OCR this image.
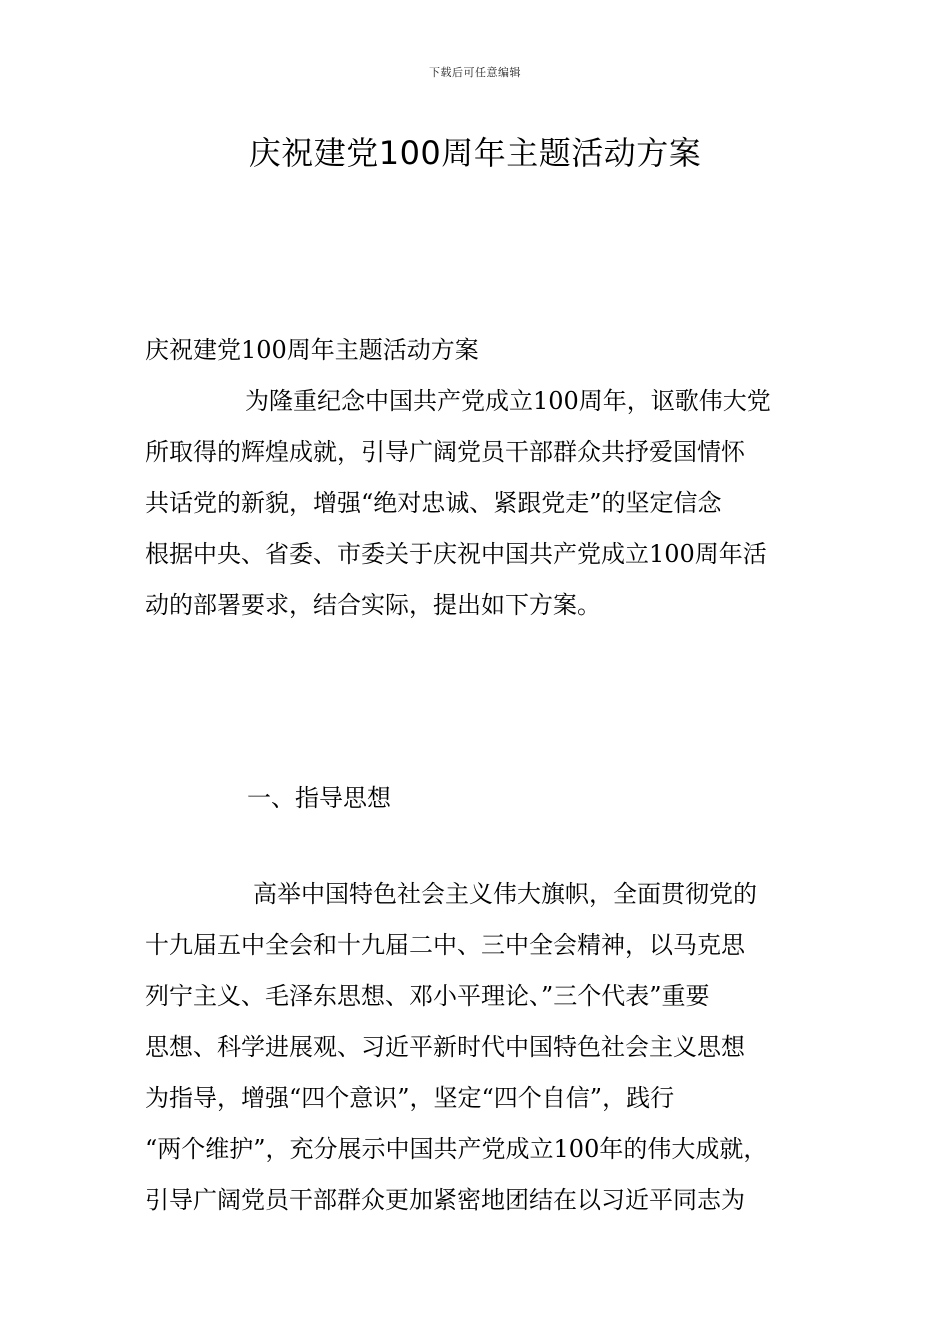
下载后可任意编辑
庆祝建党100周年主题活动方案
庆祝建党100周年主题活动方案
为隆重纪念中国共产党成立100周年，讴歌伟大党
所取得的辉煌成就，引导广阔党员干部群众共抒爱国情怀
共话党的新貌，增强“绝对忠诚、紧跟党走”的坚定信念
根据中央、省委、市委关于庆祝中国共产党成立100周年活
动的部署要求，结合实际，提出如下方案。
一、指导思想
高举中国特色社会主义伟大旗帜，全面贯彻党的
十九届五中全会和十九届二中、三中全会精神，以马克思
列宁主义、毛泽东思想、邓小平理论、”三个代表”重要
思想、科学进展观、习近平新时代中国特色社会主义思想
为指导，增强“四个意识”，坚定“四个自信”，践行
“两个维护”，充分展示中国共产党成立100年的伟大成就，
引导广阔党员干部群众更加紧密地团结在以习近平同志为
